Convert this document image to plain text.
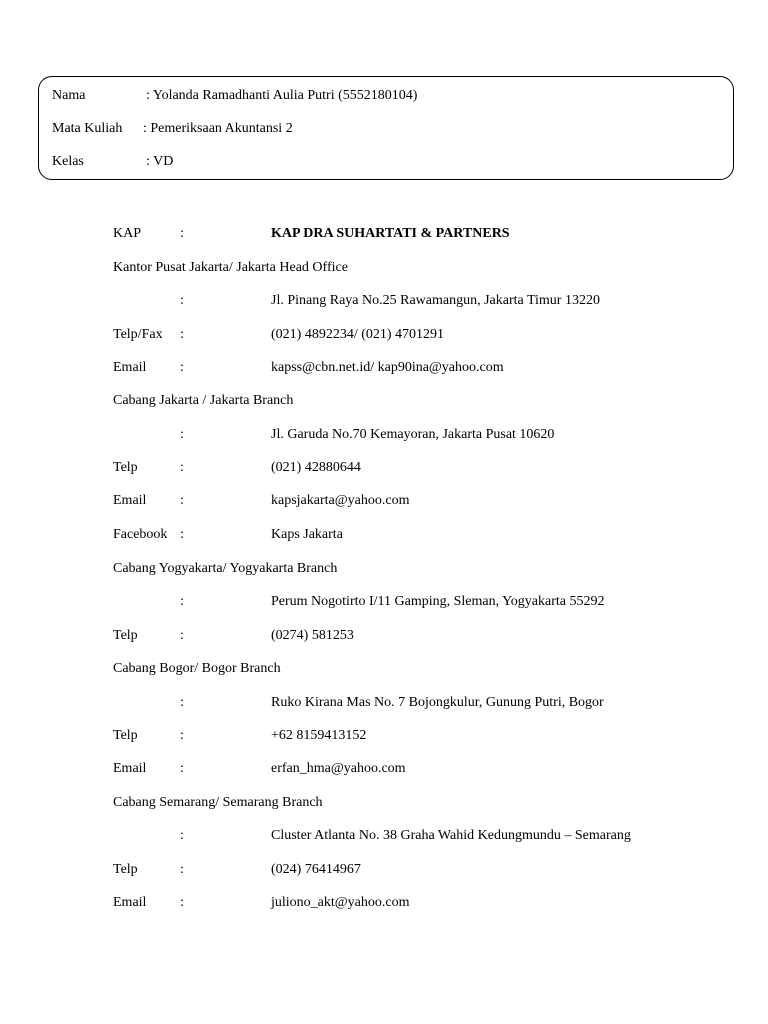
Nama	: Yolanda Ramadhanti Aulia Putri (5552180104)
Mata Kuliah : Pemeriksaan Akuntansi 2
Kelas	: VD
KAP	:	KAP DRA SUHARTATI & PARTNERS
Kantor Pusat Jakarta/ Jakarta Head Office
:	Jl. Pinang Raya No.25 Rawamangun, Jakarta Timur 13220
Telp/Fax :	(021) 4892234/ (021) 4701291
Email :	kapss@cbn.net.id/ kap90ina@yahoo.com
Cabang Jakarta / Jakarta Branch
:	Jl. Garuda No.70 Kemayoran, Jakarta Pusat 10620
Telp	:	(021) 42880644
Email :	kapsjakarta@yahoo.com
Facebook :	Kaps Jakarta
Cabang Yogyakarta/ Yogyakarta Branch
:	Perum Nogotirto I/11 Gamping, Sleman, Yogyakarta 55292
Telp	:	(0274) 581253
Cabang Bogor/ Bogor Branch
:	Ruko Kirana Mas No. 7 Bojongkulur, Gunung Putri, Bogor
Telp	:	+62 8159413152
Email :	erfan_hma@yahoo.com
Cabang Semarang/ Semarang Branch
:	Cluster Atlanta No. 38 Graha Wahid Kedungmundu – Semarang
Telp	:	(024) 76414967
Email :	juliono_akt@yahoo.com
